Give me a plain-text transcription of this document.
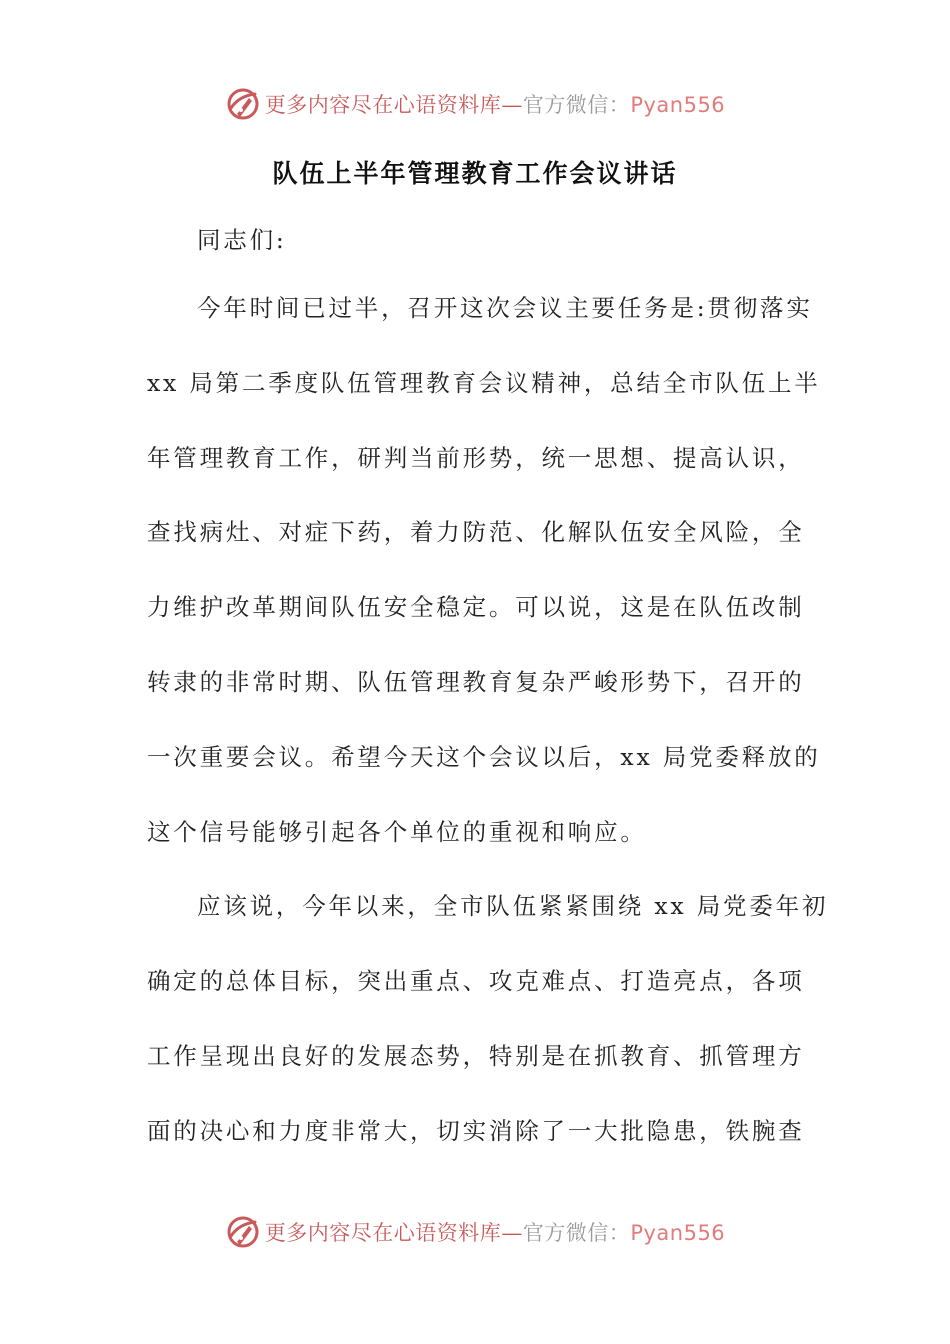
更多内容尽在心语资料库—官方微信：Pyan556
队伍上半年管理教育工作会议讲话
同志们:
今年时间已过半，召开这次会议主要任务是:贯彻落实
xx 局第二季度队伍管理教育会议精神，总结全市队伍上半
年管理教育工作，研判当前形势，统一思想、提高认识，
查找病灶、对症下药，着力防范、化解队伍安全风险，全
力维护改革期间队伍安全稳定。可以说，这是在队伍改制
转隶的非常时期、队伍管理教育复杂严峻形势下，召开的
一次重要会议。希望今天这个会议以后，xx 局党委释放的
这个信号能够引起各个单位的重视和响应。
应该说，今年以来，全市队伍紧紧围绕 xx 局党委年初
确定的总体目标，突出重点、攻克难点、打造亮点，各项
工作呈现出良好的发展态势，特别是在抓教育、抓管理方
面的决心和力度非常大，切实消除了一大批隐患，铁腕查
更多内容尽在心语资料库—官方微信：Pyan556
